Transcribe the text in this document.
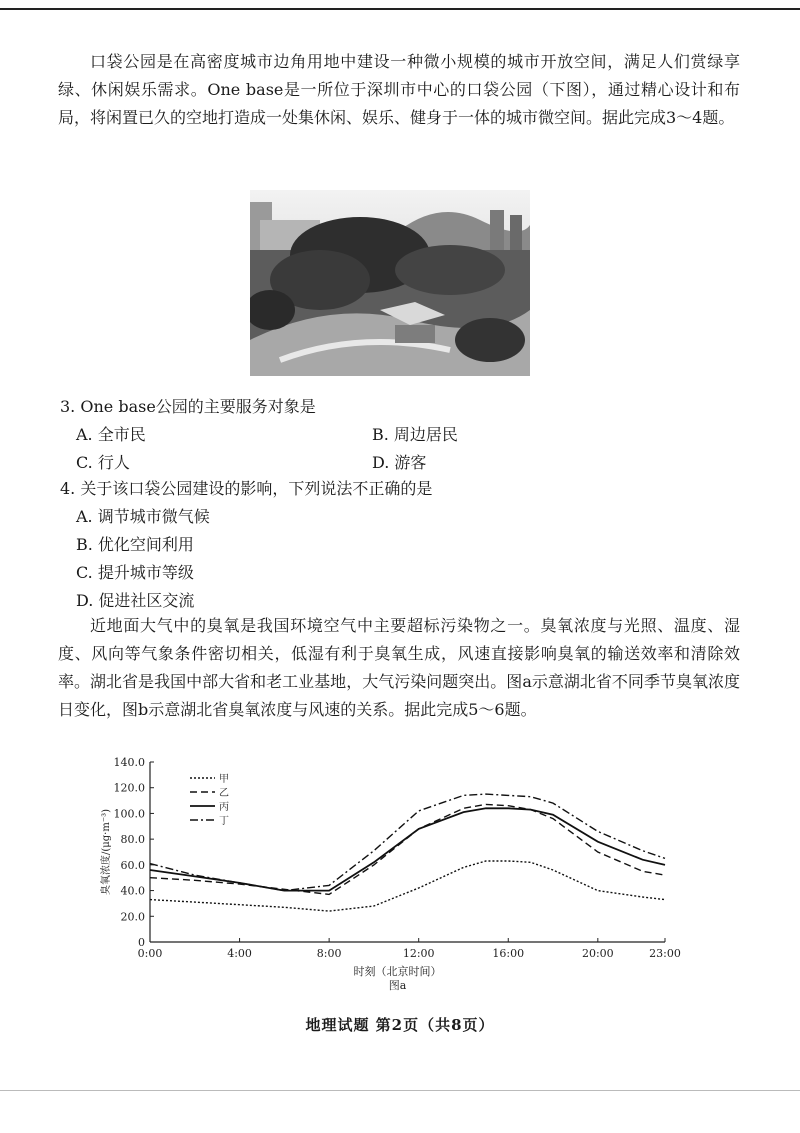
口袋公园是在高密度城市边角用地中建设一种微小规模的城市开放空间，满足人们赏绿享绿、休闲娱乐需求。One base是一所位于深圳市中心的口袋公园（下图），通过精心设计和布局，将闲置已久的空地打造成一处集休闲、娱乐、健身于一体的城市微空间。据此完成3～4题。

3. One base公园的主要服务对象是
A. 全市民	B. 周边居民
C. 行人	D. 游客
4. 关于该口袋公园建设的影响，下列说法不正确的是
A. 调节城市微气候
B. 优化空间利用
C. 提升城市等级
D. 促进社区交流

近地面大气中的臭氧是我国环境空气中主要超标污染物之一。臭氧浓度与光照、温度、湿度、风向等气象条件密切相关，低湿有利于臭氧生成，风速直接影响臭氧的输送效率和清除效率。湖北省是我国中部大省和老工业基地，大气污染问题突出。图a示意湖北省不同季节臭氧浓度日变化，图b示意湖北省臭氧浓度与风速的关系。据此完成5～6题。

0
20.0
40.0
60.0
80.0
100.0
120.0
140.0
0:00	4:00	8:00	12:00	16:00	20:00	23:00
臭氧浓度/(μg·m⁻³)
时刻（北京时间）
图a
甲
乙
丙
丁
地理试题 第2页（共8页）
